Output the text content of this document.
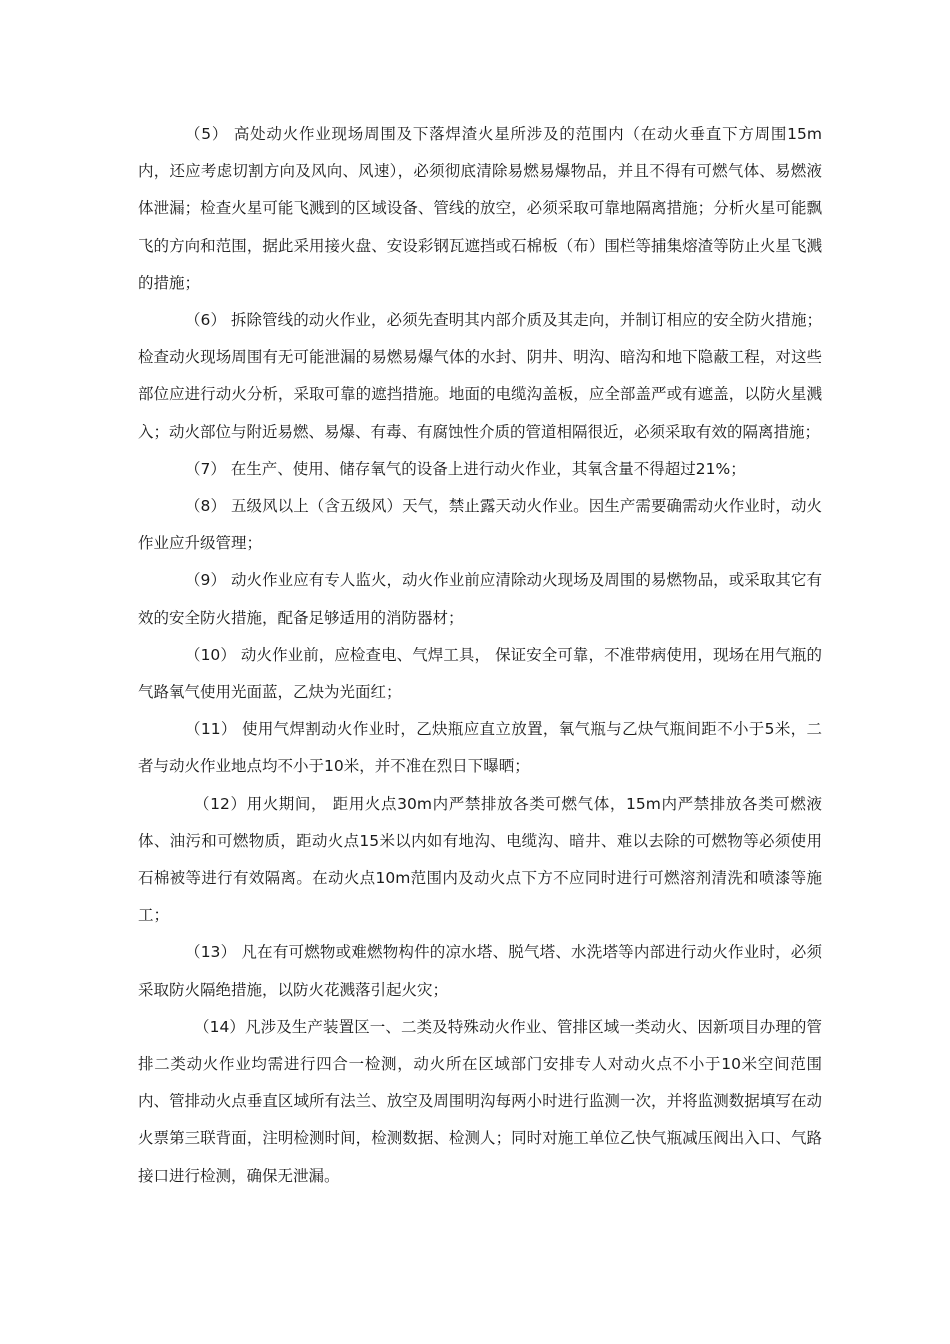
（5） 高处动火作业现场周围及下落焊渣火星所涉及的范围内（在动火垂直下方周围15m内，还应考虑切割方向及风向、风速），必须彻底清除易燃易爆物品，并且不得有可燃气体、易燃液体泄漏；检查火星可能飞溅到的区域设备、管线的放空，必须采取可靠地隔离措施；分析火星可能飘飞的方向和范围，据此采用接火盘、安设彩钢瓦遮挡或石棉板（布）围栏等捕集熔渣等防止火星飞溅的措施；

（6） 拆除管线的动火作业，必须先查明其内部介质及其走向，并制订相应的安全防火措施；检查动火现场周围有无可能泄漏的易燃易爆气体的水封、阴井、明沟、暗沟和地下隐蔽工程，对这些部位应进行动火分析，采取可靠的遮挡措施。地面的电缆沟盖板，应全部盖严或有遮盖，以防火星溅入；动火部位与附近易燃、易爆、有毒、有腐蚀性介质的管道相隔很近，必须采取有效的隔离措施；

（7） 在生产、使用、储存氧气的设备上进行动火作业，其氧含量不得超过21%；

（8） 五级风以上（含五级风）天气，禁止露天动火作业。因生产需要确需动火作业时，动火作业应升级管理；

（9） 动火作业应有专人监火，动火作业前应清除动火现场及周围的易燃物品，或采取其它有效的安全防火措施，配备足够适用的消防器材；

（10） 动火作业前，应检查电、气焊工具， 保证安全可靠，不准带病使用，现场在用气瓶的气路氧气使用光面蓝，乙炔为光面红；

（11） 使用气焊割动火作业时，乙炔瓶应直立放置，氧气瓶与乙炔气瓶间距不小于5米，二者与动火作业地点均不小于10米，并不准在烈日下曝晒；

（12）用火期间， 距用火点30m内严禁排放各类可燃气体，15m内严禁排放各类可燃液体、油污和可燃物质，距动火点15米以内如有地沟、电缆沟、暗井、难以去除的可燃物等必须使用石棉被等进行有效隔离。在动火点10m范围内及动火点下方不应同时进行可燃溶剂清洗和喷漆等施工；

（13） 凡在有可燃物或难燃物构件的凉水塔、脱气塔、水洗塔等内部进行动火作业时，必须采取防火隔绝措施，以防火花溅落引起火灾；

（14）凡涉及生产装置区一、二类及特殊动火作业、管排区域一类动火、因新项目办理的管排二类动火作业均需进行四合一检测，动火所在区域部门安排专人对动火点不小于10米空间范围内、管排动火点垂直区域所有法兰、放空及周围明沟每两小时进行监测一次，并将监测数据填写在动火票第三联背面，注明检测时间，检测数据、检测人；同时对施工单位乙快气瓶减压阀出入口、气路接口进行检测，确保无泄漏。
